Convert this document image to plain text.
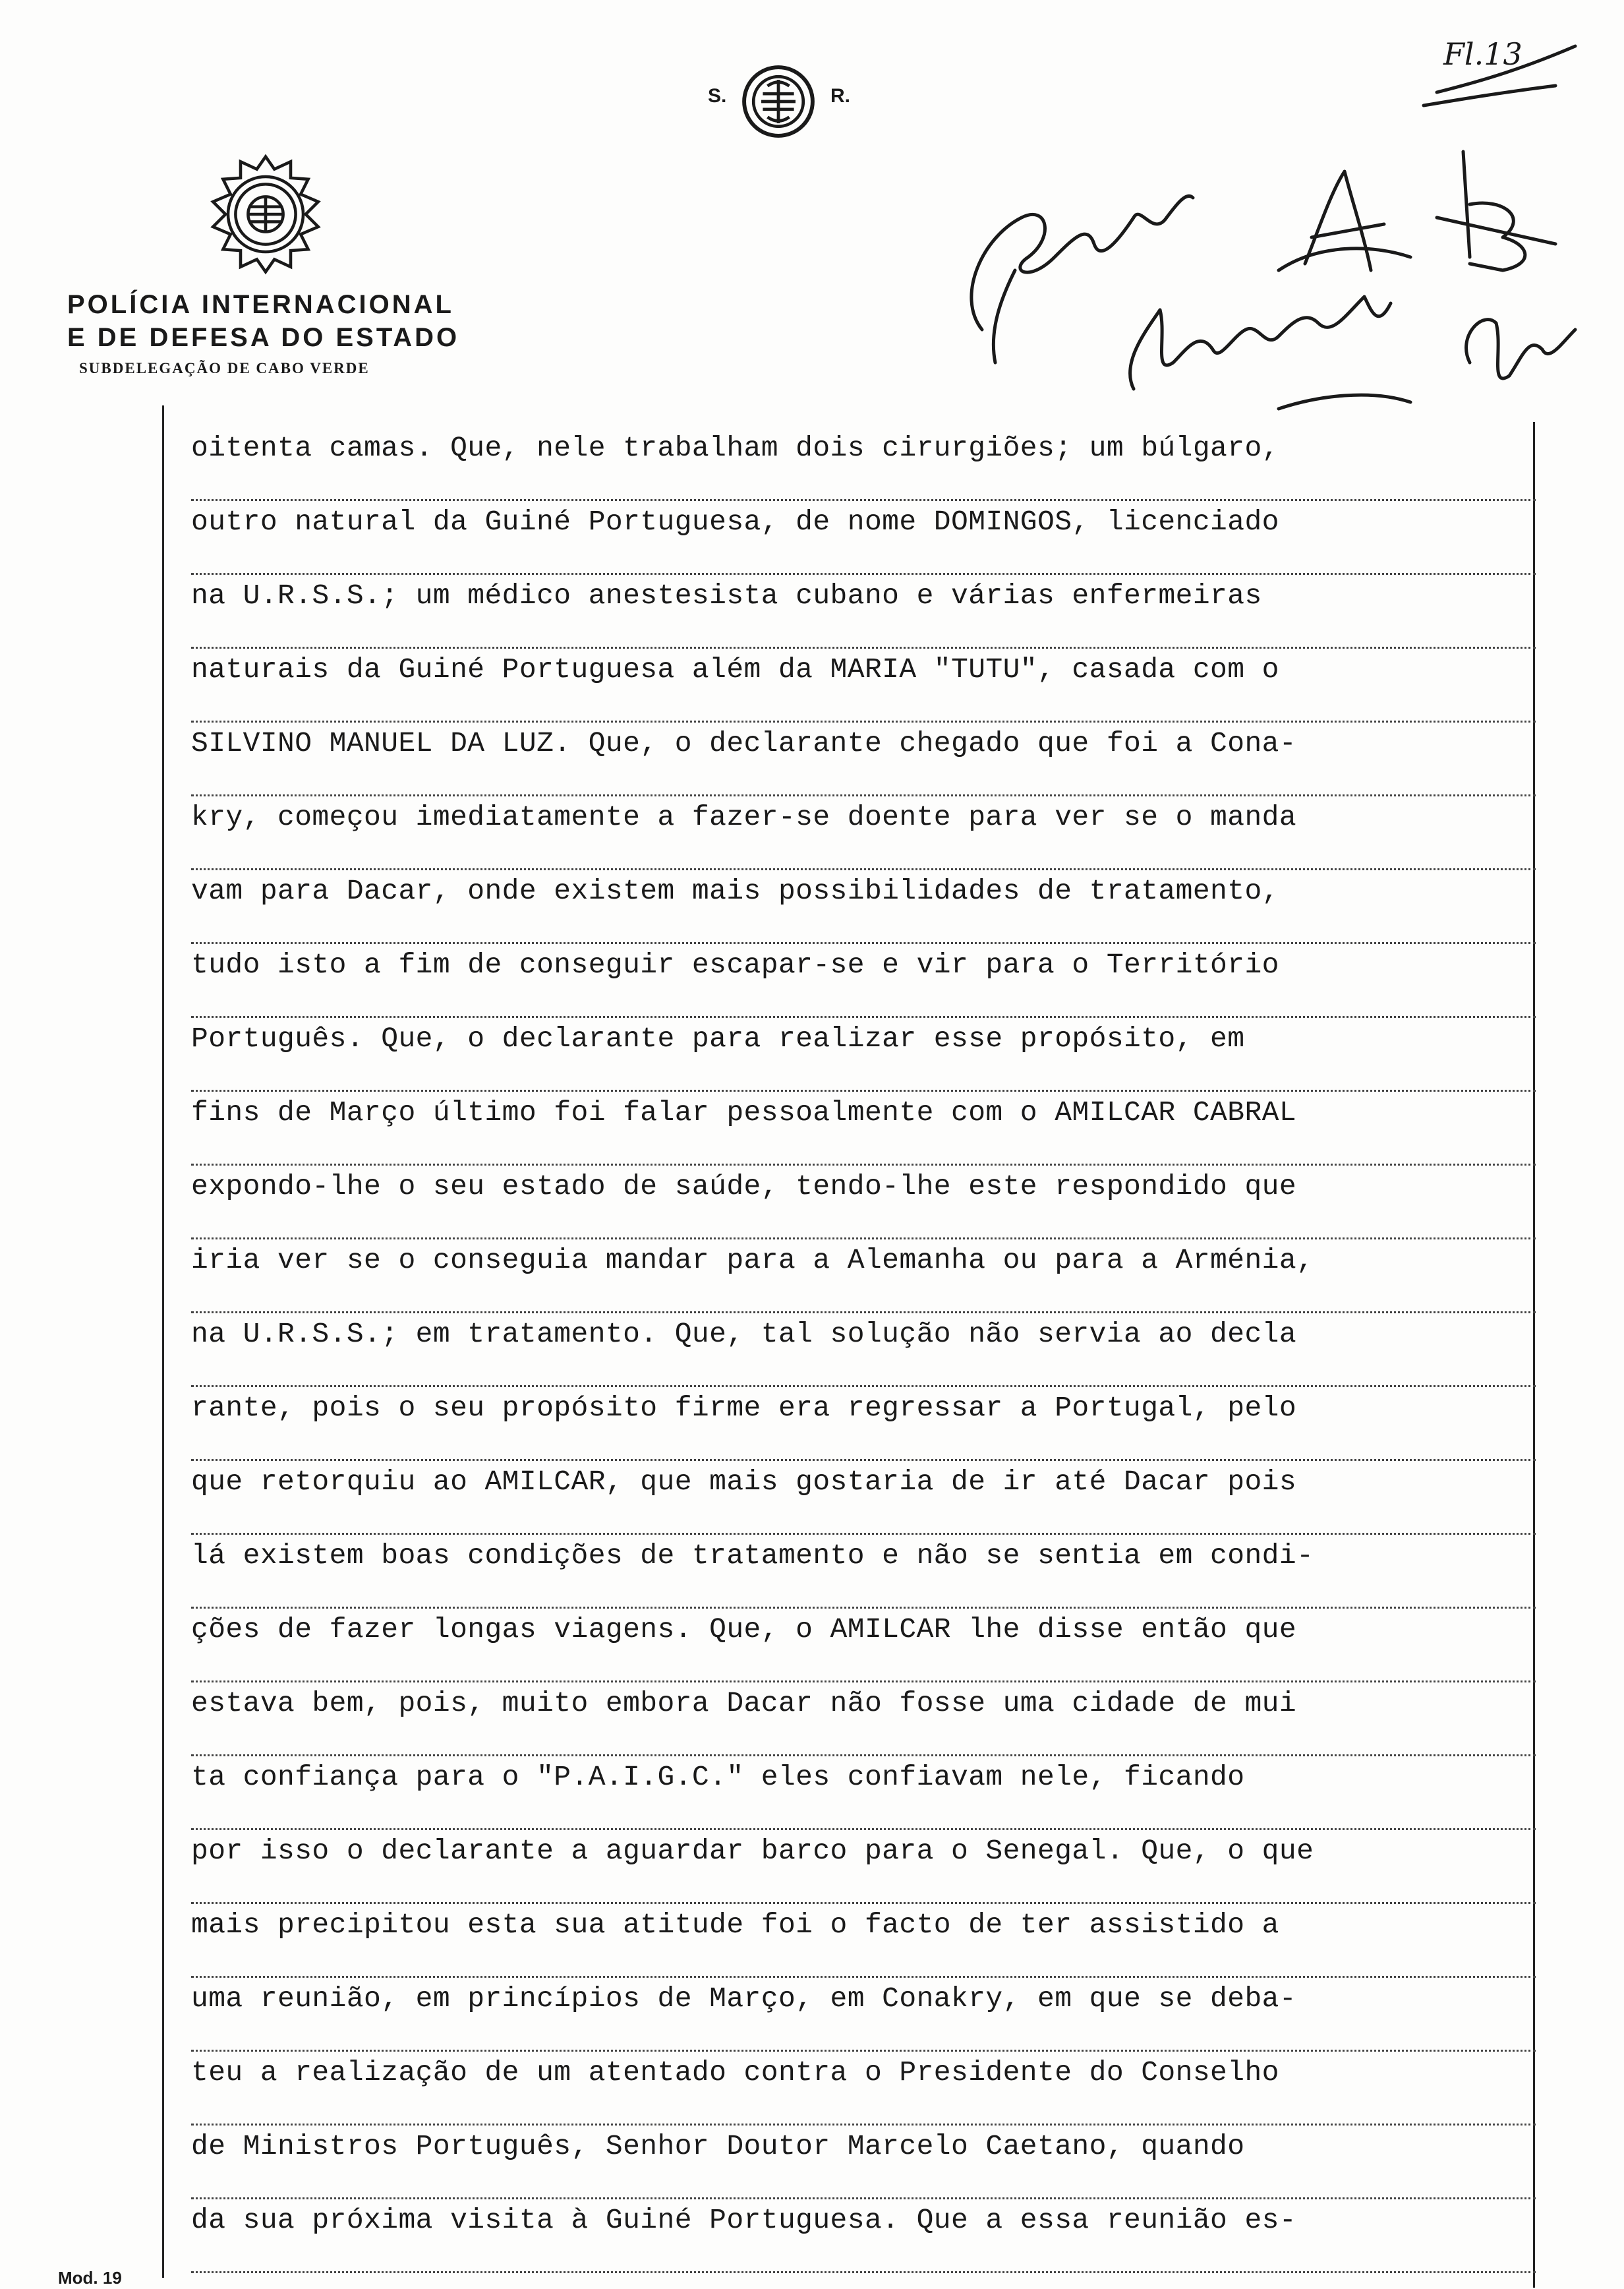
S.	R.
POLÍCIA INTERNACIONAL
E DE DEFESA DO ESTADO
SUBDELEGAÇÃO DE CABO VERDE
Fl.13
oitenta camas. Que, nele trabalham dois cirurgiões; um búlgaro,
outro natural da Guiné Portuguesa, de nome DOMINGOS, licenciado
na U.R.S.S.; um médico anestesista cubano e várias enfermeiras
naturais da Guiné Portuguesa além da MARIA "TUTU", casada com o
SILVINO MANUEL DA LUZ. Que, o declarante chegado que foi a Cona-
kry, começou imediatamente a fazer-se doente para ver se o manda
vam para Dacar, onde existem mais possibilidades de tratamento,
tudo isto a fim de conseguir escapar-se e vir para o Território
Português. Que, o declarante para realizar esse propósito, em
fins de Março último foi falar pessoalmente com o AMILCAR CABRAL
expondo-lhe o seu estado de saúde, tendo-lhe este respondido que
iria ver se o conseguia mandar para a Alemanha ou para a Arménia,
na U.R.S.S.; em tratamento. Que, tal solução não servia ao decla
rante, pois o seu propósito firme era regressar a Portugal, pelo
que retorquiu ao AMILCAR, que mais gostaria de ir até Dacar pois
lá existem boas condições de tratamento e não se sentia em condi-
ções de fazer longas viagens. Que, o AMILCAR lhe disse então que
estava bem, pois, muito embora Dacar não fosse uma cidade de mui
ta confiança para o "P.A.I.G.C." eles confiavam nele, ficando
por isso o declarante a aguardar barco para o Senegal. Que, o que
mais precipitou esta sua atitude foi o facto de ter assistido a
uma reunião, em princípios de Março, em Conakry, em que se deba-
teu a realização de um atentado contra o Presidente do Conselho
de Ministros Português, Senhor Doutor Marcelo Caetano, quando
da sua próxima visita à Guiné Portuguesa. Que a essa reunião es-
Mod. 19
